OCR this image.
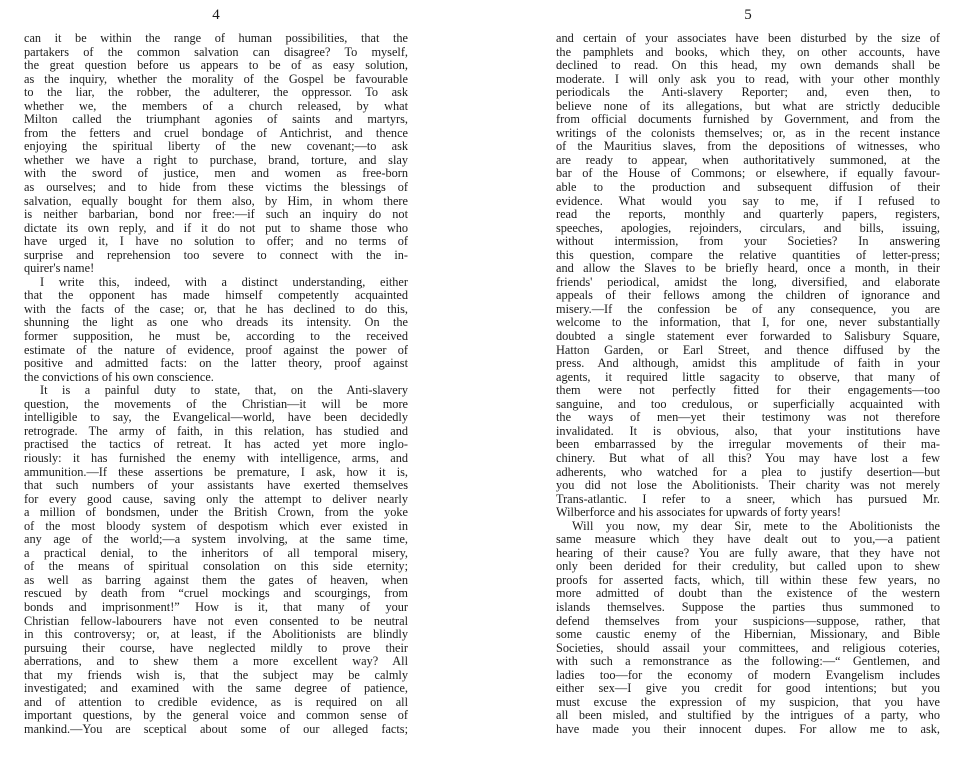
4
can it be within the range of human possibilities, that the
partakers of the common salvation can disagree? To myself,
the great question before us appears to be of as easy solution,
as the inquiry, whether the morality of the Gospel be favourable
to the liar, the robber, the adulterer, the oppressor. To ask
whether we, the members of a church released, by what
Milton called the triumphant agonies of saints and martyrs,
from the fetters and cruel bondage of Antichrist, and thence
enjoying the spiritual liberty of the new covenant;—to ask
whether we have a right to purchase, brand, torture, and slay
with the sword of justice, men and women as free-born
as ourselves; and to hide from these victims the blessings of
salvation, equally bought for them also, by Him, in whom there
is neither barbarian, bond nor free:—if such an inquiry do not
dictate its own reply, and if it do not put to shame those who
have urged it, I have no solution to offer; and no terms of
surprise and reprehension too severe to connect with the in-
quirer's name!
I write this, indeed, with a distinct understanding, either
that the opponent has made himself competently acquainted
with the facts of the case; or, that he has declined to do this,
shunning the light as one who dreads its intensity. On the
former supposition, he must be, according to the received
estimate of the nature of evidence, proof against the power of
positive and admitted facts: on the latter theory, proof against
the convictions of his own conscience.
It is a painful duty to state, that, on the Anti-slavery
question, the movements of the Christian—it will be more
intelligible to say, the Evangelical—world, have been decidedly
retrograde. The army of faith, in this relation, has studied and
practised the tactics of retreat. It has acted yet more inglo-
riously: it has furnished the enemy with intelligence, arms, and
ammunition.—If these assertions be premature, I ask, how it is,
that such numbers of your assistants have exerted themselves
for every good cause, saving only the attempt to deliver nearly
a million of bondsmen, under the British Crown, from the yoke
of the most bloody system of despotism which ever existed in
any age of the world;—a system involving, at the same time,
a practical denial, to the inheritors of all temporal misery,
of the means of spiritual consolation on this side eternity;
as well as barring against them the gates of heaven, when
rescued by death from “cruel mockings and scourgings, from
bonds and imprisonment!” How is it, that many of your
Christian fellow-labourers have not even consented to be neutral
in this controversy; or, at least, if the Abolitionists are blindly
pursuing their course, have neglected mildly to prove their
aberrations, and to shew them a more excellent way? All
that my friends wish is, that the subject may be calmly
investigated; and examined with the same degree of patience,
and of attention to credible evidence, as is required on all
important questions, by the general voice and common sense of
mankind.—You are sceptical about some of our alleged facts;
5
and certain of your associates have been disturbed by the size of
the pamphlets and books, which they, on other accounts, have
declined to read. On this head, my own demands shall be
moderate. I will only ask you to read, with your other monthly
periodicals the Anti-slavery Reporter; and, even then, to
believe none of its allegations, but what are strictly deducible
from official documents furnished by Government, and from the
writings of the colonists themselves; or, as in the recent instance
of the Mauritius slaves, from the depositions of witnesses, who
are ready to appear, when authoritatively summoned, at the
bar of the House of Commons; or elsewhere, if equally favour-
able to the production and subsequent diffusion of their
evidence. What would you say to me, if I refused to
read the reports, monthly and quarterly papers, registers,
speeches, apologies, rejoinders, circulars, and bills, issuing,
without intermission, from your Societies? In answering
this question, compare the relative quantities of letter-press;
and allow the Slaves to be briefly heard, once a month, in their
friends' periodical, amidst the long, diversified, and elaborate
appeals of their fellows among the children of ignorance and
misery.—If the confession be of any consequence, you are
welcome to the information, that I, for one, never substantially
doubted a single statement ever forwarded to Salisbury Square,
Hatton Garden, or Earl Street, and thence diffused by the
press. And although, amidst this amplitude of faith in your
agents, it required little sagacity to observe, that many of
them were not perfectly fitted for their engagements—too
sanguine, and too credulous, or superficially acquainted with
the ways of men—yet their testimony was not therefore
invalidated. It is obvious, also, that your institutions have
been embarrassed by the irregular movements of their ma-
chinery. But what of all this? You may have lost a few
adherents, who watched for a plea to justify desertion—but
you did not lose the Abolitionists. Their charity was not merely
Trans-atlantic. I refer to a sneer, which has pursued Mr.
Wilberforce and his associates for upwards of forty years!
Will you now, my dear Sir, mete to the Abolitionists the
same measure which they have dealt out to you,—a patient
hearing of their cause? You are fully aware, that they have not
only been derided for their credulity, but called upon to shew
proofs for asserted facts, which, till within these few years, no
more admitted of doubt than the existence of the western
islands themselves. Suppose the parties thus summoned to
defend themselves from your suspicions—suppose, rather, that
some caustic enemy of the Hibernian, Missionary, and Bible
Societies, should assail your committees, and religious coteries,
with such a remonstrance as the following:—“ Gentlemen, and
ladies too—for the economy of modern Evangelism includes
either sex—I give you credit for good intentions; but you
must excuse the expression of my suspicion, that you have
all been misled, and stultified by the intrigues of a party, who
have made you their innocent dupes. For allow me to ask,
